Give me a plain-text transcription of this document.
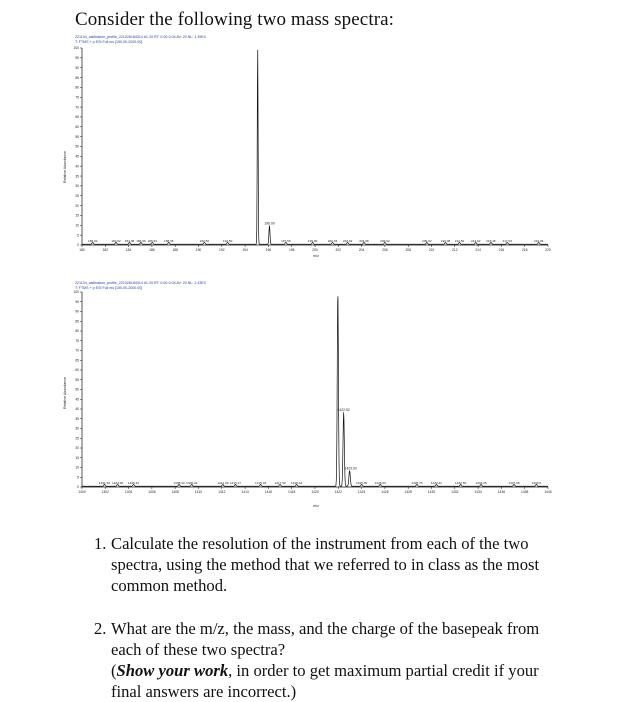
Consider the following two mass spectra:
221104_calibration_profile_221026184314 #1-20 RT: 0.00-0.04 AV: 20 NL: 1.39E4
T: FTMS + p ESI Full ms [150.00-2000.00]
Relative Abundance
0
5
10
15
20
25
30
35
40
45
50
55
60
65
70
75
80
85
90
95
100
180	182	184	186	188	190	192	194	196	198	200	202	204	206	208	210	212	214	216	218	220
180.92	182.92 184.08 186.06 186.93 188.06	190.50	192.50	197.50	199.80	200.93 202.92 204.08	206.92	209.92	210.08 212.50 213.92 215.45 217.03	219.06
196.09
m/z
221104_calibration_profile_221026184314 #1-20 RT: 0.00-0.04 AV: 20 NL: 2.43E3
T: FTMS + p ESI Full ms [150.00-2000.00]
Relative Abundance
0
5
10
15
20
25
30
35
40
45
50
55
60
65
70
75
80
85
90
95
100
1400	1402	1404	1406	1408	1410	1412	1414	1416	1418	1420	1422	1424	1426	1428	1430	1432	1434	1436	1438	1440
1401.93 1403.06 1405.42	1408.33 1409.42	1412.09 1413.17	1415.33	1417.00 1418.42	1425.00 1426.00	1428.75	1430.42	1432.50	1434.25	1437.08	1439.0
1422.92
1423.93
m/z
1. Calculate the resolution of the instrument from each of the two spectra, using the method that we referred to in class as the most common method.
2. What are the m/z, the mass, and the charge of the basepeak from each of these two spectra?
(Show your work, in order to get maximum partial credit if your final answers are incorrect.)
